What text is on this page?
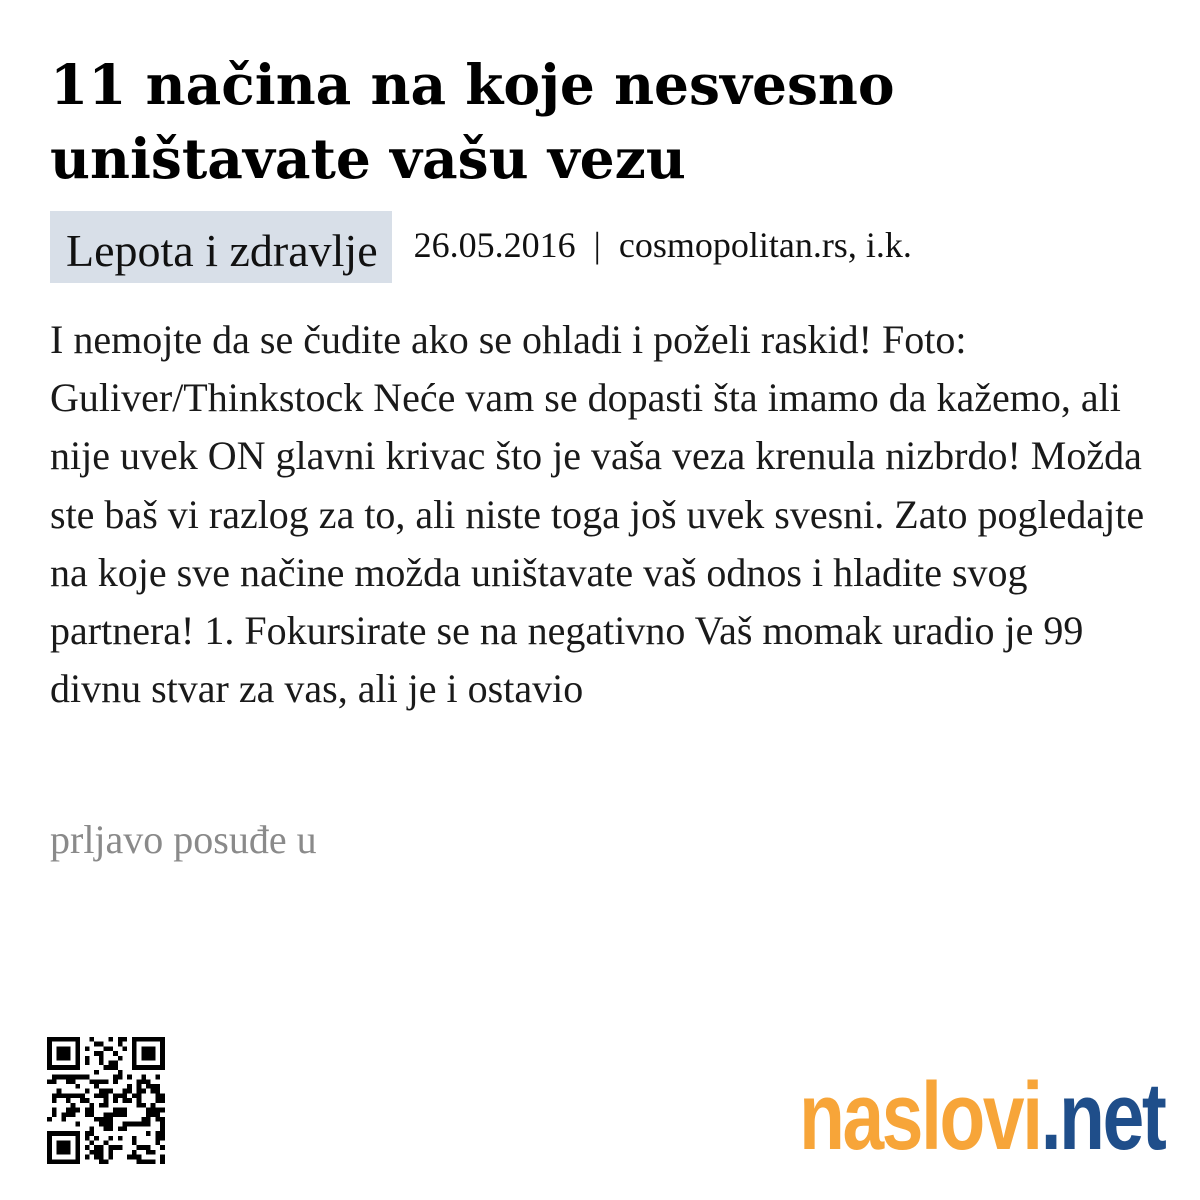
11 načina na koje nesvesno uništavate vašu vezu
Lepota i zdravlje	26.05.2016 | cosmopolitan.rs, i.k.

I nemojte da se čudite ako se ohladi i poželi raskid! Foto: Guliver/Thinkstock Neće vam se dopasti šta imamo da kažemo, ali nije uvek ON glavni krivac što je vaša veza krenula nizbrdo! Možda ste baš vi razlog za to, ali niste toga još uvek svesni. Zato pogledajte na koje sve načine možda uništavate vaš odnos i hladite svog partnera! 1. Fokursirate se na negativno Vaš momak uradio je 99 divnu stvar za vas, ali je i ostavio

prljavo posuđe u

naslovi.net
